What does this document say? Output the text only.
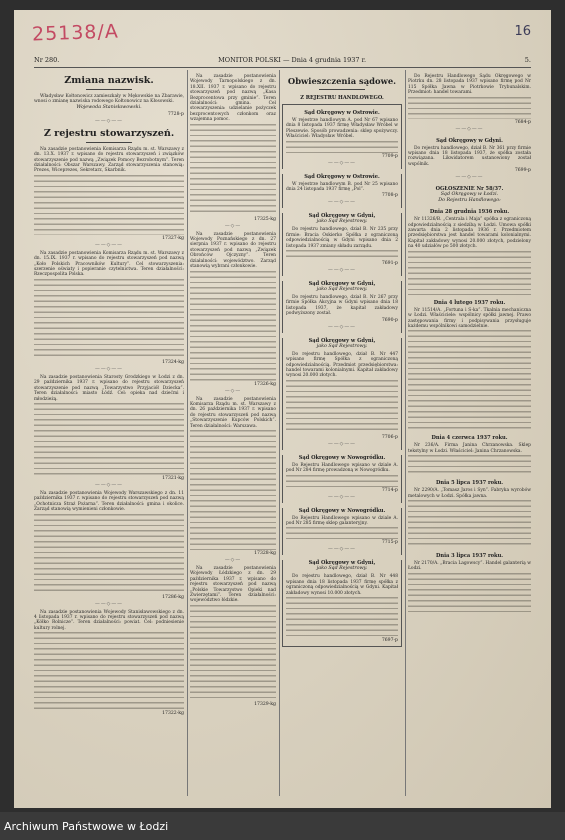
25138/A	16
Nr 280.	MONITOR POLSKI — Dnia 4 grudnia 1937 r.	5.
Zmiana nazwisk.
Władysław Kołtonowicz zamieszkały w Mękowskie na Zbarawie, wnosi o zmianę nazwiska rodowego Kołtonowicz na Kłosowski.
Wojewoda Stanisławowski.
7728-p
——◇——
Z rejestru stowarzyszeń.
Na zasadzie postanowienia Komisarza Rządu m. st. Warszawy z dn. 13.X. 1937 r. wpisano do rejestru stowarzyszeń i związków stowarzyszenie pod nazwą „Związek Pomocy Bezrobotnym”. Teren działalności: Obszar Warszawy. Zarząd stowarzyszenia stanowią: Prezes, Wiceprezes, Sekretarz, Skarbnik.
17327-kg
——◇——
Na zasadzie postanowienia Komisarza Rządu m. st. Warszawy z dn. 15.IX. 1937 r. wpisano do rejestru stowarzyszeń pod nazwą „Koło Polskich Pracowników Kultury”. Cel stowarzyszenia: szerzenie oświaty i popieranie czytelnictwa. Teren działalności: Rzeczpospolita Polska.
17324-kg
——◇——
Na zasadzie postanowienia Starosty Grodzkiego w Łodzi z dn. 29 października 1937 r. wpisano do rejestru stowarzyszeń stowarzyszenie pod nazwą „Towarzystwo Przyjaciół Dziecka”. Teren działalności: miasto Łódź. Cel: opieka nad dziećmi i młodzieżą.
17321-kg
——◇——
Na zasadzie postanowienia Wojewody Warszawskiego z dn. 11 października 1937 r. wpisano do rejestru stowarzyszeń pod nazwą „Ochotnicza Straż Pożarna”. Teren działalności: gmina i okolice. Zarząd stanowią wymienieni członkowie.
17286-kg
——◇——
Na zasadzie postanowienia Wojewody Stanisławowskiego z dn. 4 listopada 1937 r. wpisano do rejestru stowarzyszeń pod nazwą „Kółko Rolnicze”. Teren działalności: powiat. Cel: podniesienie kultury rolnej.
17322-kg
Na zasadzie postanowienia Wojewody Tarnopolskiego z dn. 18.XII. 1937 r. wpisano do rejestru stowarzyszeń pod nazwą „Kasa Bezprocentowa przy gminie”. Teren działalności: gmina. Cel stowarzyszenia: udzielanie pożyczek bezprocentowych członkom oraz wzajemna pomoc.
17325-kg
—◇—
Na zasadzie postanowienia Wojewody Poznańskiego z dn. 27 sierpnia 1937 r. wpisano do rejestru stowarzyszeń pod nazwą „Związek Obrońców Ojczyzny”. Teren działalności: województwo. Zarząd stanowią wybrani członkowie.
17326-kg
—◇—
Na zasadzie postanowienia Komisarza Rządu m. st. Warszawy z dn. 26 października 1937 r. wpisano do rejestru stowarzyszeń pod nazwą „Stowarzyszenie Kupców Polskich”. Teren działalności: Warszawa.
17328-kg
—◇—
Na zasadzie postanowienia Wojewody Łódzkiego z dn. 29 października 1937 r. wpisano do rejestru stowarzyszeń pod nazwą „Polskie Towarzystwo Opieki nad Zwierzętami”. Teren działalności: województwo łódzkie.
17329-kg
Obwieszczenia sądowe.
Z REJESTRU HANDLOWEGO.
Sąd Okręgowy w Ostrowie.
W rejestrze handlowym A. pod Nr 67 wpisano dnia 8 listopada 1937 firmę Władysław Wróbel w Pleszewie. Sposób prowadzenia: sklep spożywczy. Właściciel: Władysław Wróbel.
7709-p
——◇——
Sąd Okręgowy w Ostrowie.
W rejestrze handlowym B. pod Nr 25 wpisano dnia 24 listopada 1937 firmę „Pol”.
7708-p
——◇——
Sąd Okręgowy w Gdyni,
jako Sąd Rejestrowy.
Do rejestru handlowego, dział B. Nr 235 przy firmie: Bracia Oskierko Spółka z ograniczoną odpowiedzialnością w Gdyni wpisano dnia 2 listopada 1937 zmiany składu zarządu.
7691-p
——◇——
Sąd Okręgowy w Gdyni,
jako Sąd Rejestrowy.
Do rejestru handlowego, dział B. Nr 267 przy firmie Spółka Akcyjna w Gdyni wpisano dnia 18 listopada 1937, że kapitał zakładowy podwyższony został.
7690-p
——◇——
Sąd Okręgowy w Gdyni,
jako Sąd Rejestrowy.
Do rejestru handlowego, dział B. Nr 447 wpisano firmę Spółka z ograniczoną odpowiedzialnością. Przedmiot przedsiębiorstwa: handel towarami kolonialnymi. Kapitał zakładowy wynosi 20.000 złotych.
7706-p
——◇——
Sąd Okręgowy w Nowogródku.
Do Rejestru Handlowego wpisano w dziale A. pod Nr 284 firmę prowadzoną w Nowogródku.
7714-p
——◇——
Sąd Okręgowy w Nowogródku.
Do Rejestru Handlowego wpisano w dziale A. pod Nr 285 firmę sklep galanteryjny.
7715-p
——◇——
Sąd Okręgowy w Gdyni,
jako Sąd Rejestrowy.
Do rejestru handlowego, dział B. Nr 448 wpisano dnia 18 listopada 1937 firmę spółka z ograniczoną odpowiedzialnością w Gdyni. Kapitał zakładowy wynosi 10.000 złotych.
7697-p
Do Rejestru Handlowego Sądu Okręgowego w Piotrku dn. 28 listopada 1937 wpisano firmę pod Nr 115 Spółka Jawna w Piotrkowie Trybunalskim. Przedmiot: handel towarami.
7684-p
——◇——
Sąd Okręgowy w Gdyni.
Do rejestru handlowego, dział B. Nr 361 przy firmie wpisano dnia 18 listopada 1937, że spółka została rozwiązana. Likwidatorem ustanowiony został wspólnik.
7699-p
——◇——
OGŁOSZENIE Nr 58/37.
Sąd Okręgowy w Łodzi.
Do Rejestru Handlowego:
Dnia 28 grudnia 1936 roku.
Nr 11326/B. „Centrala i Maja” spółka z ograniczoną odpowiedzialnością z siedzibą w Łodzi. Umowa spółki zawarta dnia 2 listopada 1936 r. Przedmiotem przedsiębiorstwa jest handel towarami kolonialnymi. Kapitał zakładowy wynosi 20.000 złotych, podzielony na 40 udziałów po 500 złotych.
Dnia 4 lutego 1937 roku.
Nr 11514/A. „Fortuna i S-ka”. Tkalnia mechaniczna w Łodzi. Właściciele: wspólnicy spółki jawnej. Prawo zastępowania firmy i podpisywania przysługuje każdemu wspólnikowi samodzielnie.
Dnia 4 czerwca 1937 roku.
Nr 236/A. Firma Janina Chrzanowska. Sklep tekstylny w Łodzi. Właściciel: Janina Chrzanowska.
Dnia 5 lipca 1937 roku.
Nr 2290/A. „Tomasz Jaros i Syn”. Fabryka wyrobów metalowych w Łodzi. Spółka jawna.
Dnia 3 lipca 1937 roku.
Nr 2170/A. „Bracia Lagowscy”. Handel galanterią w Łodzi.
Archiwum Państwowe w Łodzi
